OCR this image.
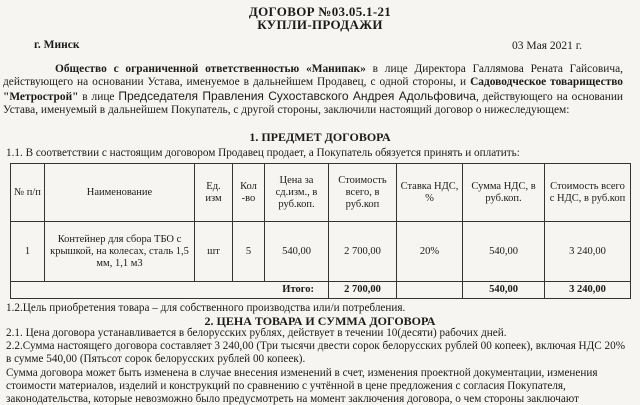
ДОГОВОР №03.05.1-21
КУПЛИ-ПРОДАЖИ
г. Минск	03 Мая 2021 г.

Общество с ограниченной ответственностью «Манипак» в лице Директора Галлямова Рената Гайсовича, действующего на основании Устава, именуемое в дальнейшем Продавец, с одной стороны, и Садоводческое товарищество "Метрострой" в лице Председателя Правления Сухоставского Андрея Адольфовича, действующего на основании Устава, именуемый в дальнейшем Покупатель, с другой стороны, заключили настоящий договор о нижеследующем:

1. ПРЕДМЕТ ДОГОВОРА
1.1. В соответствии с настоящим договором Продавец продает, а Покупатель обязуется принять и оплатить:
№ п/п	Наименование	Ед. изм	Кол -во	Цена за сд.изм., в руб.коп.	Стоимость всего, в руб.коп	Ставка НДС, %	Сумма НДС, в руб.коп.	Стоимость всего с НДС, в руб.коп
1	Контейнер для сбора ТБО с крышкой, на колесах, сталь 1,5 мм, 1,1 м3	шт	5	540,00	2 700,00	20%	540,00	3 240,00
Итого:					2 700,00		540,00	3 240,00
1.2.Цель приобретения товара – для собственного производства или/и потребления.
2. ЦЕНА ТОВАРА И СУММА ДОГОВОРА
2.1. Цена договора устанавливается в белорусских рублях, действует в течении 10(десяти) рабочих дней.
2.2.Сумма настоящего договора составляет 3 240,00 (Три тысячи двести сорок белорусских рублей 00 копеек), включая НДС 20%
в сумме 540,00 (Пятьсот сорок белорусских рублей 00 копеек).
Сумма договора может быть изменена в случае внесения изменений в счет, изменения проектной документации, изменения
стоимости материалов, изделий и конструкций по сравнению с учтённой в цене предложения с согласия Покупателя,
законодательства, которые невозможно было предусмотреть на момент заключения договора, о чем стороны заключают
